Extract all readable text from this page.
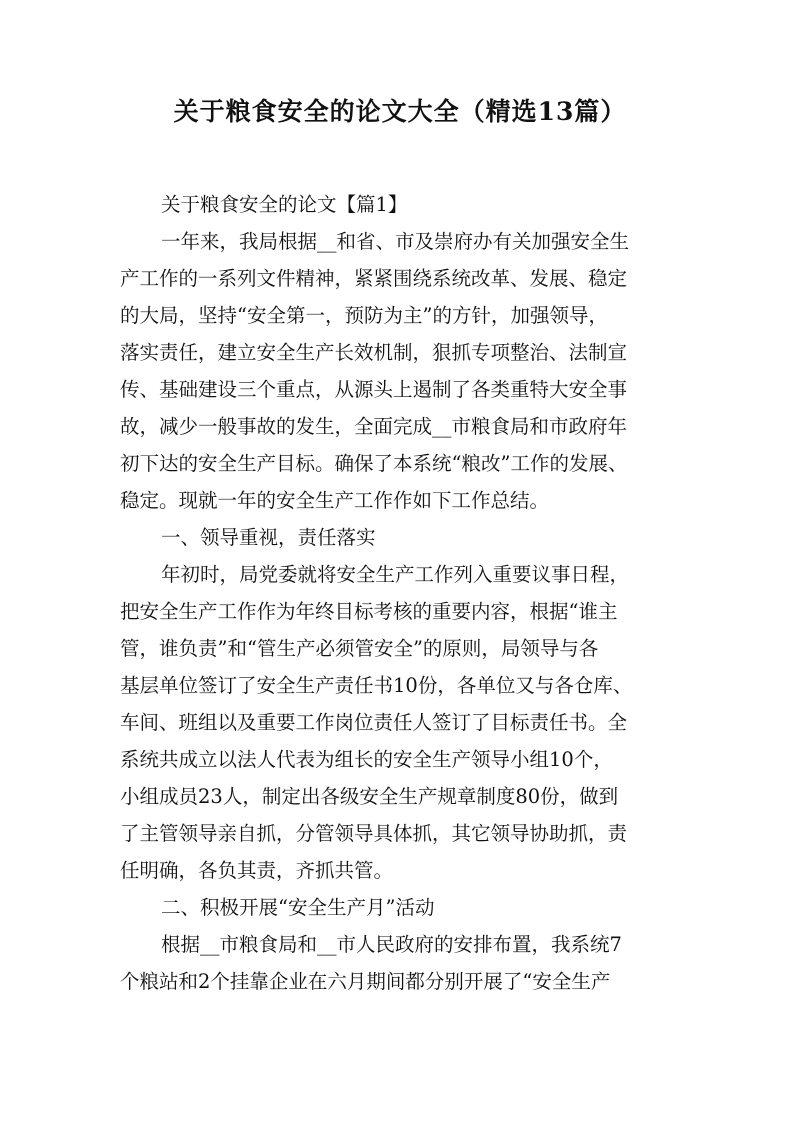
关于粮食安全的论文大全（精选13篇）
关于粮食安全的论文【篇1】
一年来，我局根据__和省、市及崇府办有关加强安全生
产工作的一系列文件精神，紧紧围绕系统改革、发展、稳定
的大局，坚持“安全第一，预防为主”的方针，加强领导，
落实责任，建立安全生产长效机制，狠抓专项整治、法制宣
传、基础建设三个重点，从源头上遏制了各类重特大安全事
故，减少一般事故的发生，全面完成__市粮食局和市政府年
初下达的安全生产目标。确保了本系统“粮改”工作的发展、
稳定。现就一年的安全生产工作作如下工作总结。
一、领导重视，责任落实
年初时，局党委就将安全生产工作列入重要议事日程，
把安全生产工作作为年终目标考核的重要内容，根据“谁主
管，谁负责”和“管生产必须管安全”的原则，局领导与各
基层单位签订了安全生产责任书10份，各单位又与各仓库、
车间、班组以及重要工作岗位责任人签订了目标责任书。全
系统共成立以法人代表为组长的安全生产领导小组10个，
小组成员23人，制定出各级安全生产规章制度80份，做到
了主管领导亲自抓，分管领导具体抓，其它领导协助抓，责
任明确，各负其责，齐抓共管。
二、积极开展“安全生产月”活动
根据__市粮食局和__市人民政府的安排布置，我系统7
个粮站和2个挂靠企业在六月期间都分别开展了“安全生产
